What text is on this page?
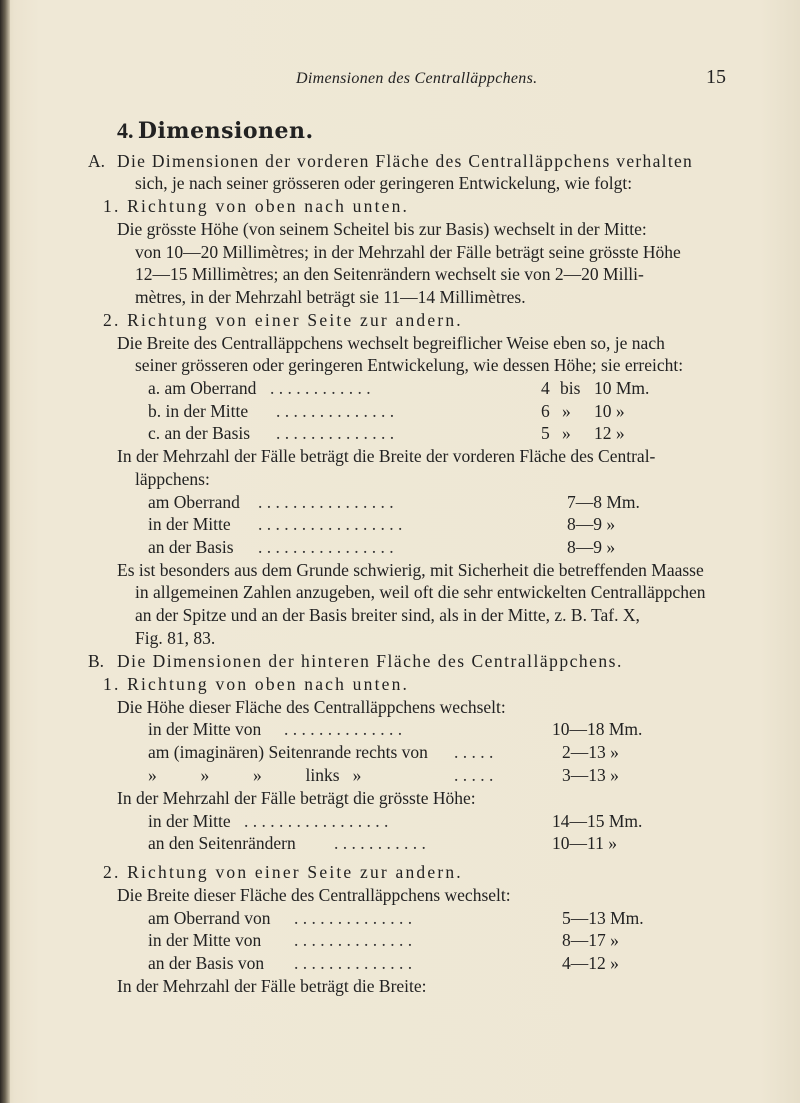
Dimensionen des Centralläppchens.	15
4. Dimensionen.
A. Die Dimensionen der vorderen Fläche des Centralläppchens verhalten
sich, je nach seiner grösseren oder geringeren Entwickelung, wie folgt:
1. Richtung von oben nach unten.
Die grösste Höhe (von seinem Scheitel bis zur Basis) wechselt in der Mitte:
von 10—20 Millimètres; in der Mehrzahl der Fälle beträgt seine grösste Höhe
12—15 Millimètres; an den Seitenrändern wechselt sie von 2—20 Milli-
mètres, in der Mehrzahl beträgt sie 11—14 Millimètres.
2. Richtung von einer Seite zur andern.
Die Breite des Centralläppchens wechselt begreiflicher Weise eben so, je nach
seiner grösseren oder geringeren Entwickelung, wie dessen Höhe; sie erreicht:
a. am Oberrand . . . . . . . . . . . .	4 bis 10 Mm.
b. in der Mitte . . . . . . . . . . . . . .	6 » 10 »
c. an der Basis . . . . . . . . . . . . . .	5 » 12 »
In der Mehrzahl der Fälle beträgt die Breite der vorderen Fläche des Central-
läppchens:
am Oberrand . . . . . . . . . . . . . . . .	7—8 Mm.
in der Mitte . . . . . . . . . . . . . . . . .	8—9 »
an der Basis . . . . . . . . . . . . . . . .	8—9 »
Es ist besonders aus dem Grunde schwierig, mit Sicherheit die betreffenden Maasse
in allgemeinen Zahlen anzugeben, weil oft die sehr entwickelten Centralläppchen
an der Spitze und an der Basis breiter sind, als in der Mitte, z. B. Taf. X,
Fig. 81, 83.
B. Die Dimensionen der hinteren Fläche des Centralläppchens.
1. Richtung von oben nach unten.
Die Höhe dieser Fläche des Centralläppchens wechselt:
in der Mitte von . . . . . . . . . . . . . .	10—18 Mm.
am (imaginären) Seitenrande rechts von . . . . .	2—13 »
»          »          »          links   »	. . . . .	3—13 »
In der Mehrzahl der Fälle beträgt die grösste Höhe:
in der Mitte . . . . . . . . . . . . . . . . .	14—15 Mm.
an den Seitenrändern . . . . . . . . . . .	10—11 »
2. Richtung von einer Seite zur andern.
Die Breite dieser Fläche des Centralläppchens wechselt:
am Oberrand von . . . . . . . . . . . . . .	5—13 Mm.
in der Mitte von . . . . . . . . . . . . . .	8—17 »
an der Basis von . . . . . . . . . . . . . .	4—12 »
In der Mehrzahl der Fälle beträgt die Breite:
